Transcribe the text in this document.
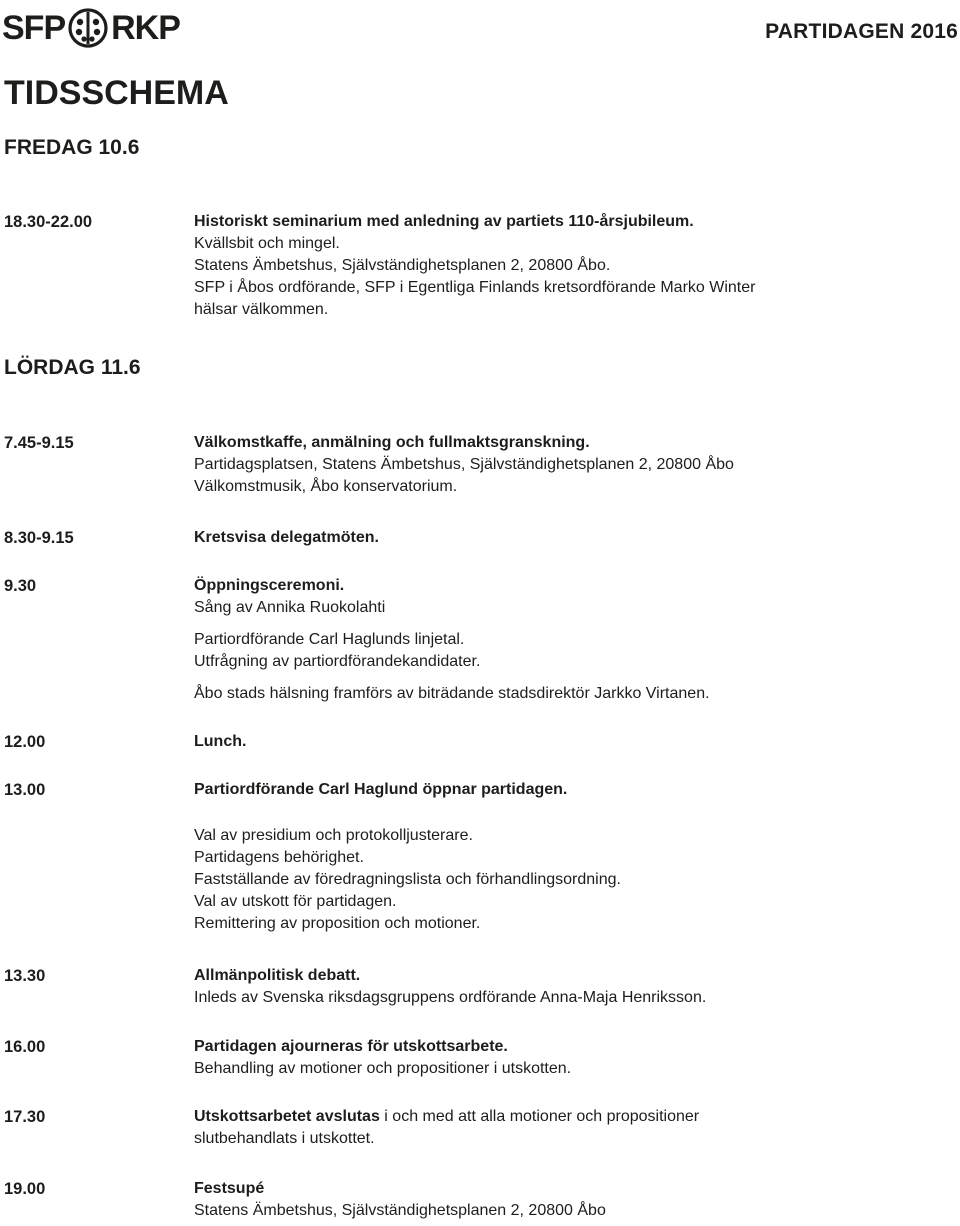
SFP RKP	PARTIDAGEN 2016
TIDSSCHEMA
FREDAG 10.6
18.30-22.00	Historiskt seminarium med anledning av partiets 110-årsjubileum.
Kvällsbit och mingel.
Statens Ämbetshus, Självständighetsplanen 2, 20800 Åbo.
SFP i Åbos ordförande, SFP i Egentliga Finlands kretsordförande Marko Winter
hälsar välkommen.
LÖRDAG 11.6
7.45-9.15	Välkomstkaffe, anmälning och fullmaktsgranskning.
Partidagsplatsen, Statens Ämbetshus, Självständighetsplanen 2, 20800 Åbo
Välkomstmusik, Åbo konservatorium.
8.30-9.15	Kretsvisa delegatmöten.
9.30	Öppningsceremoni.
Sång av Annika Ruokolahti
Partiordförande Carl Haglunds linjetal.
Utfrågning av partiordförandekandidater.
Åbo stads hälsning framförs av biträdande stadsdirektör Jarkko Virtanen.
12.00	Lunch.
13.00	Partiordförande Carl Haglund öppnar partidagen.
Val av presidium och protokolljusterare.
Partidagens behörighet.
Fastställande av föredragningslista och förhandlingsordning.
Val av utskott för partidagen.
Remittering av proposition och motioner.
13.30	Allmänpolitisk debatt.
Inleds av Svenska riksdagsgruppens ordförande Anna-Maja Henriksson.
16.00	Partidagen ajourneras för utskottsarbete.
Behandling av motioner och propositioner i utskotten.
17.30	Utskottsarbetet avslutas i och med att alla motioner och propositioner
slutbehandlats i utskottet.
19.00	Festsupé
Statens Ämbetshus, Självständighetsplanen 2, 20800 Åbo
